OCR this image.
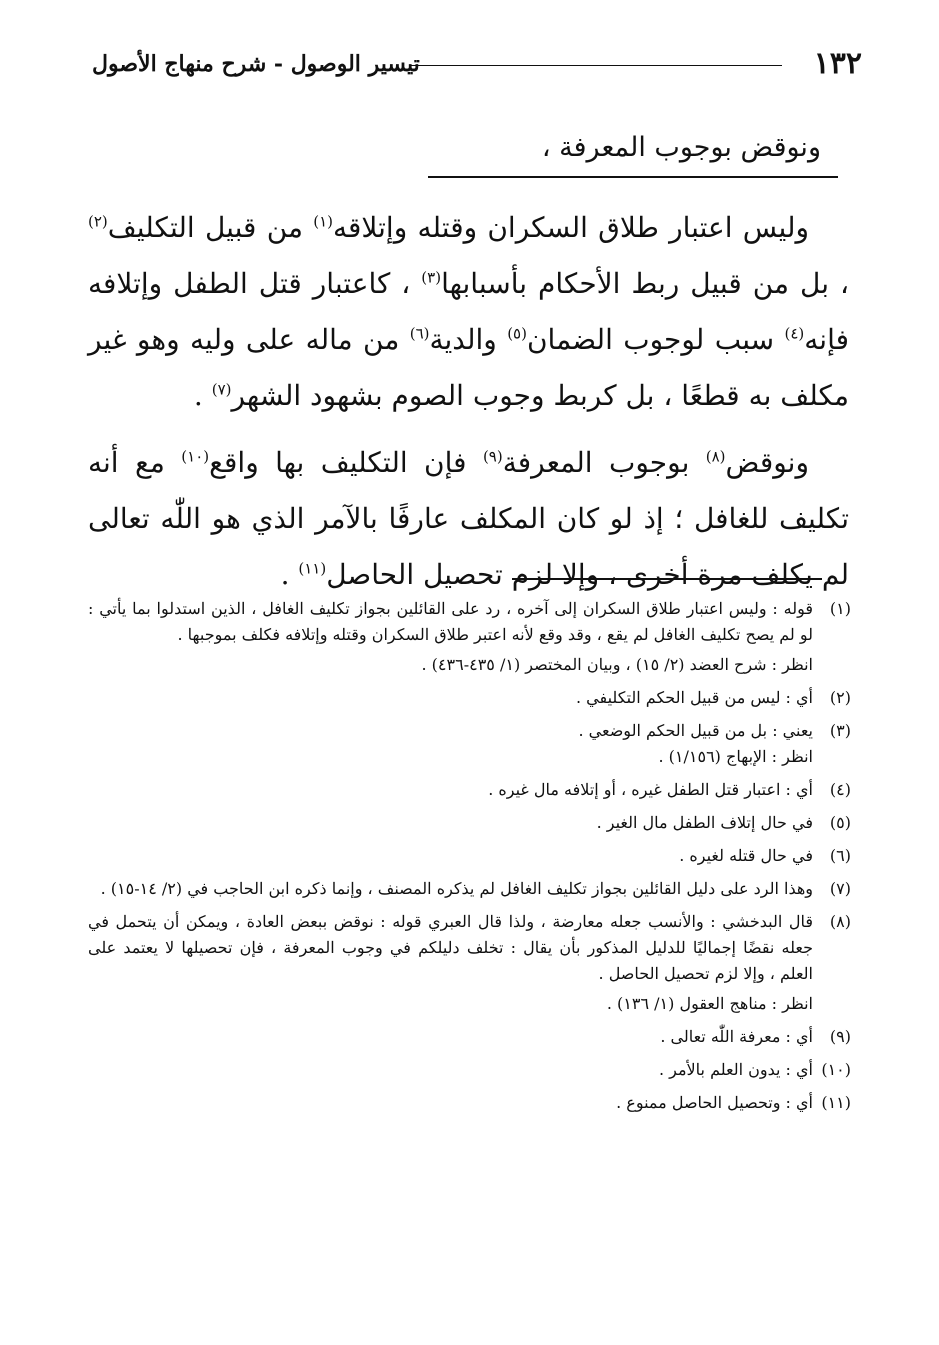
١٣٢
تيسير الوصول - شرح منهاج الأصول
ونوقض بوجوب المعرفة ،

وليس اعتبار طلاق السكران وقتله وإتلاقه$^{(١)}$ من قبيل التكليف$^{(٢)}$ ، بل من قبيل ربط الأحكام بأسبابها$^{(٣)}$ ، كاعتبار قتل الطفل وإتلافه فإنه$^{(٤)}$ سبب لوجوب الضمان$^{(٥)}$ والدية$^{(٦)}$ من ماله على وليه وهو غير مكلف به قطعًا ، بل كربط وجوب الصوم بشهود الشهر$^{(٧)}$ .

ونوقض$^{(٨)}$ بوجوب المعرفة$^{(٩)}$ فإن التكليف بها واقع$^{(١٠)}$ مع أنه تكليف للغافل ؛ إذ لو كان المكلف عارفًا بالآمر الذي هو اللّٰه تعالى لم يكلف مرة أخرى ، وإلا لزم تحصيل الحاصل$^{(١١)}$ .

(١)
قوله : وليس اعتبار طلاق السكران إلى آخره ، رد على القائلين بجواز تكليف الغافل ، الذين استدلوا بما يأتي : لو لم يصح تكليف الغافل لم يقع ، وقد وقع لأنه اعتبر طلاق السكران وقتله وإتلافه فكلف بموجبها .
انظر : شرح العضد (٢/ ١٥) ، وبيان المختصر (١/ ٤٣٥-٤٣٦) .
(٢)
أي : ليس من قبيل الحكم التكليفي .
(٣)
يعني : بل من قبيل الحكم الوضعي .
انظر : الإبهاج (١/١٥٦) .
(٤)
أي : اعتبار قتل الطفل غيره ، أو إتلافه مال غيره .
(٥)
في حال إتلاف الطفل مال الغير .
(٦)
في حال قتله لغيره .
(٧)
وهذا الرد على دليل القائلين بجواز تكليف الغافل لم يذكره المصنف ، وإنما ذكره ابن الحاجب في (٢/ ١٤-١٥) .
(٨)
قال البدخشي : والأنسب جعله معارضة ، ولذا قال العبري قوله : نوقض ببعض العادة ، ويمكن أن يتحمل في جعله نقضًا إجماليًا للدليل المذكور بأن يقال : تخلف دليلكم في وجوب المعرفة ، فإن تحصيلها لا يعتمد على العلم ، وإلا لزم تحصيل الحاصل .
انظر : مناهج العقول (١/ ١٣٦) .
(٩)
أي : معرفة اللّٰه تعالى .
(١٠)
أي : يدون العلم بالأمر .
(١١)
أي : وتحصيل الحاصل ممنوع .
